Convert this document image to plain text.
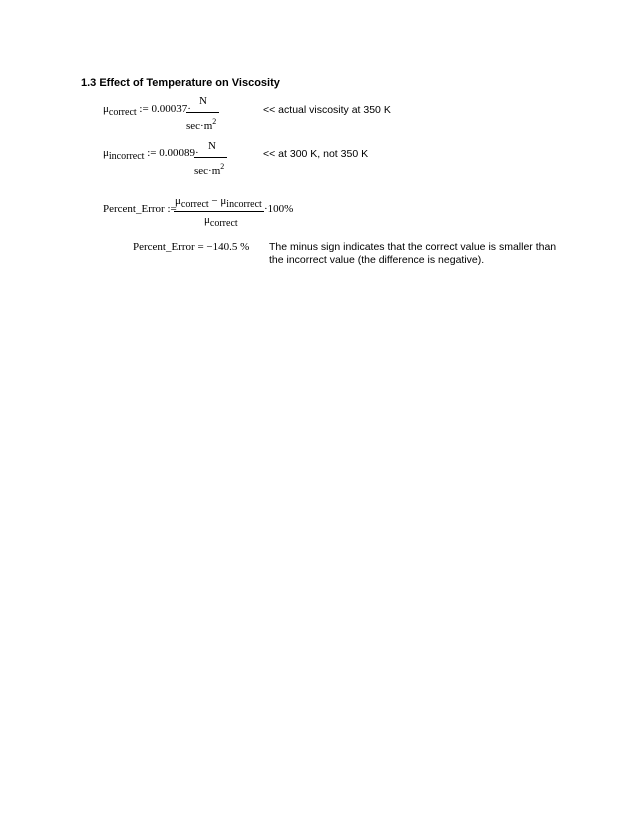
1.3 Effect of Temperature on Viscosity
$\mu_{correct}$ := 0.00037·
N
$\sec\cdot m^2$
<< actual viscosity at 350 K
$\mu_{incorrect}$ := 0.00089·
N
$\sec\cdot m^2$
<< at 300 K, not 350 K
Percent_Error :=
$\mu_{correct} - \mu_{incorrect}$
$\mu_{correct}$
·100%
Percent_Error = −140.5 % The minus sign indicates that the correct value is smaller than
the incorrect value (the difference is negative).
